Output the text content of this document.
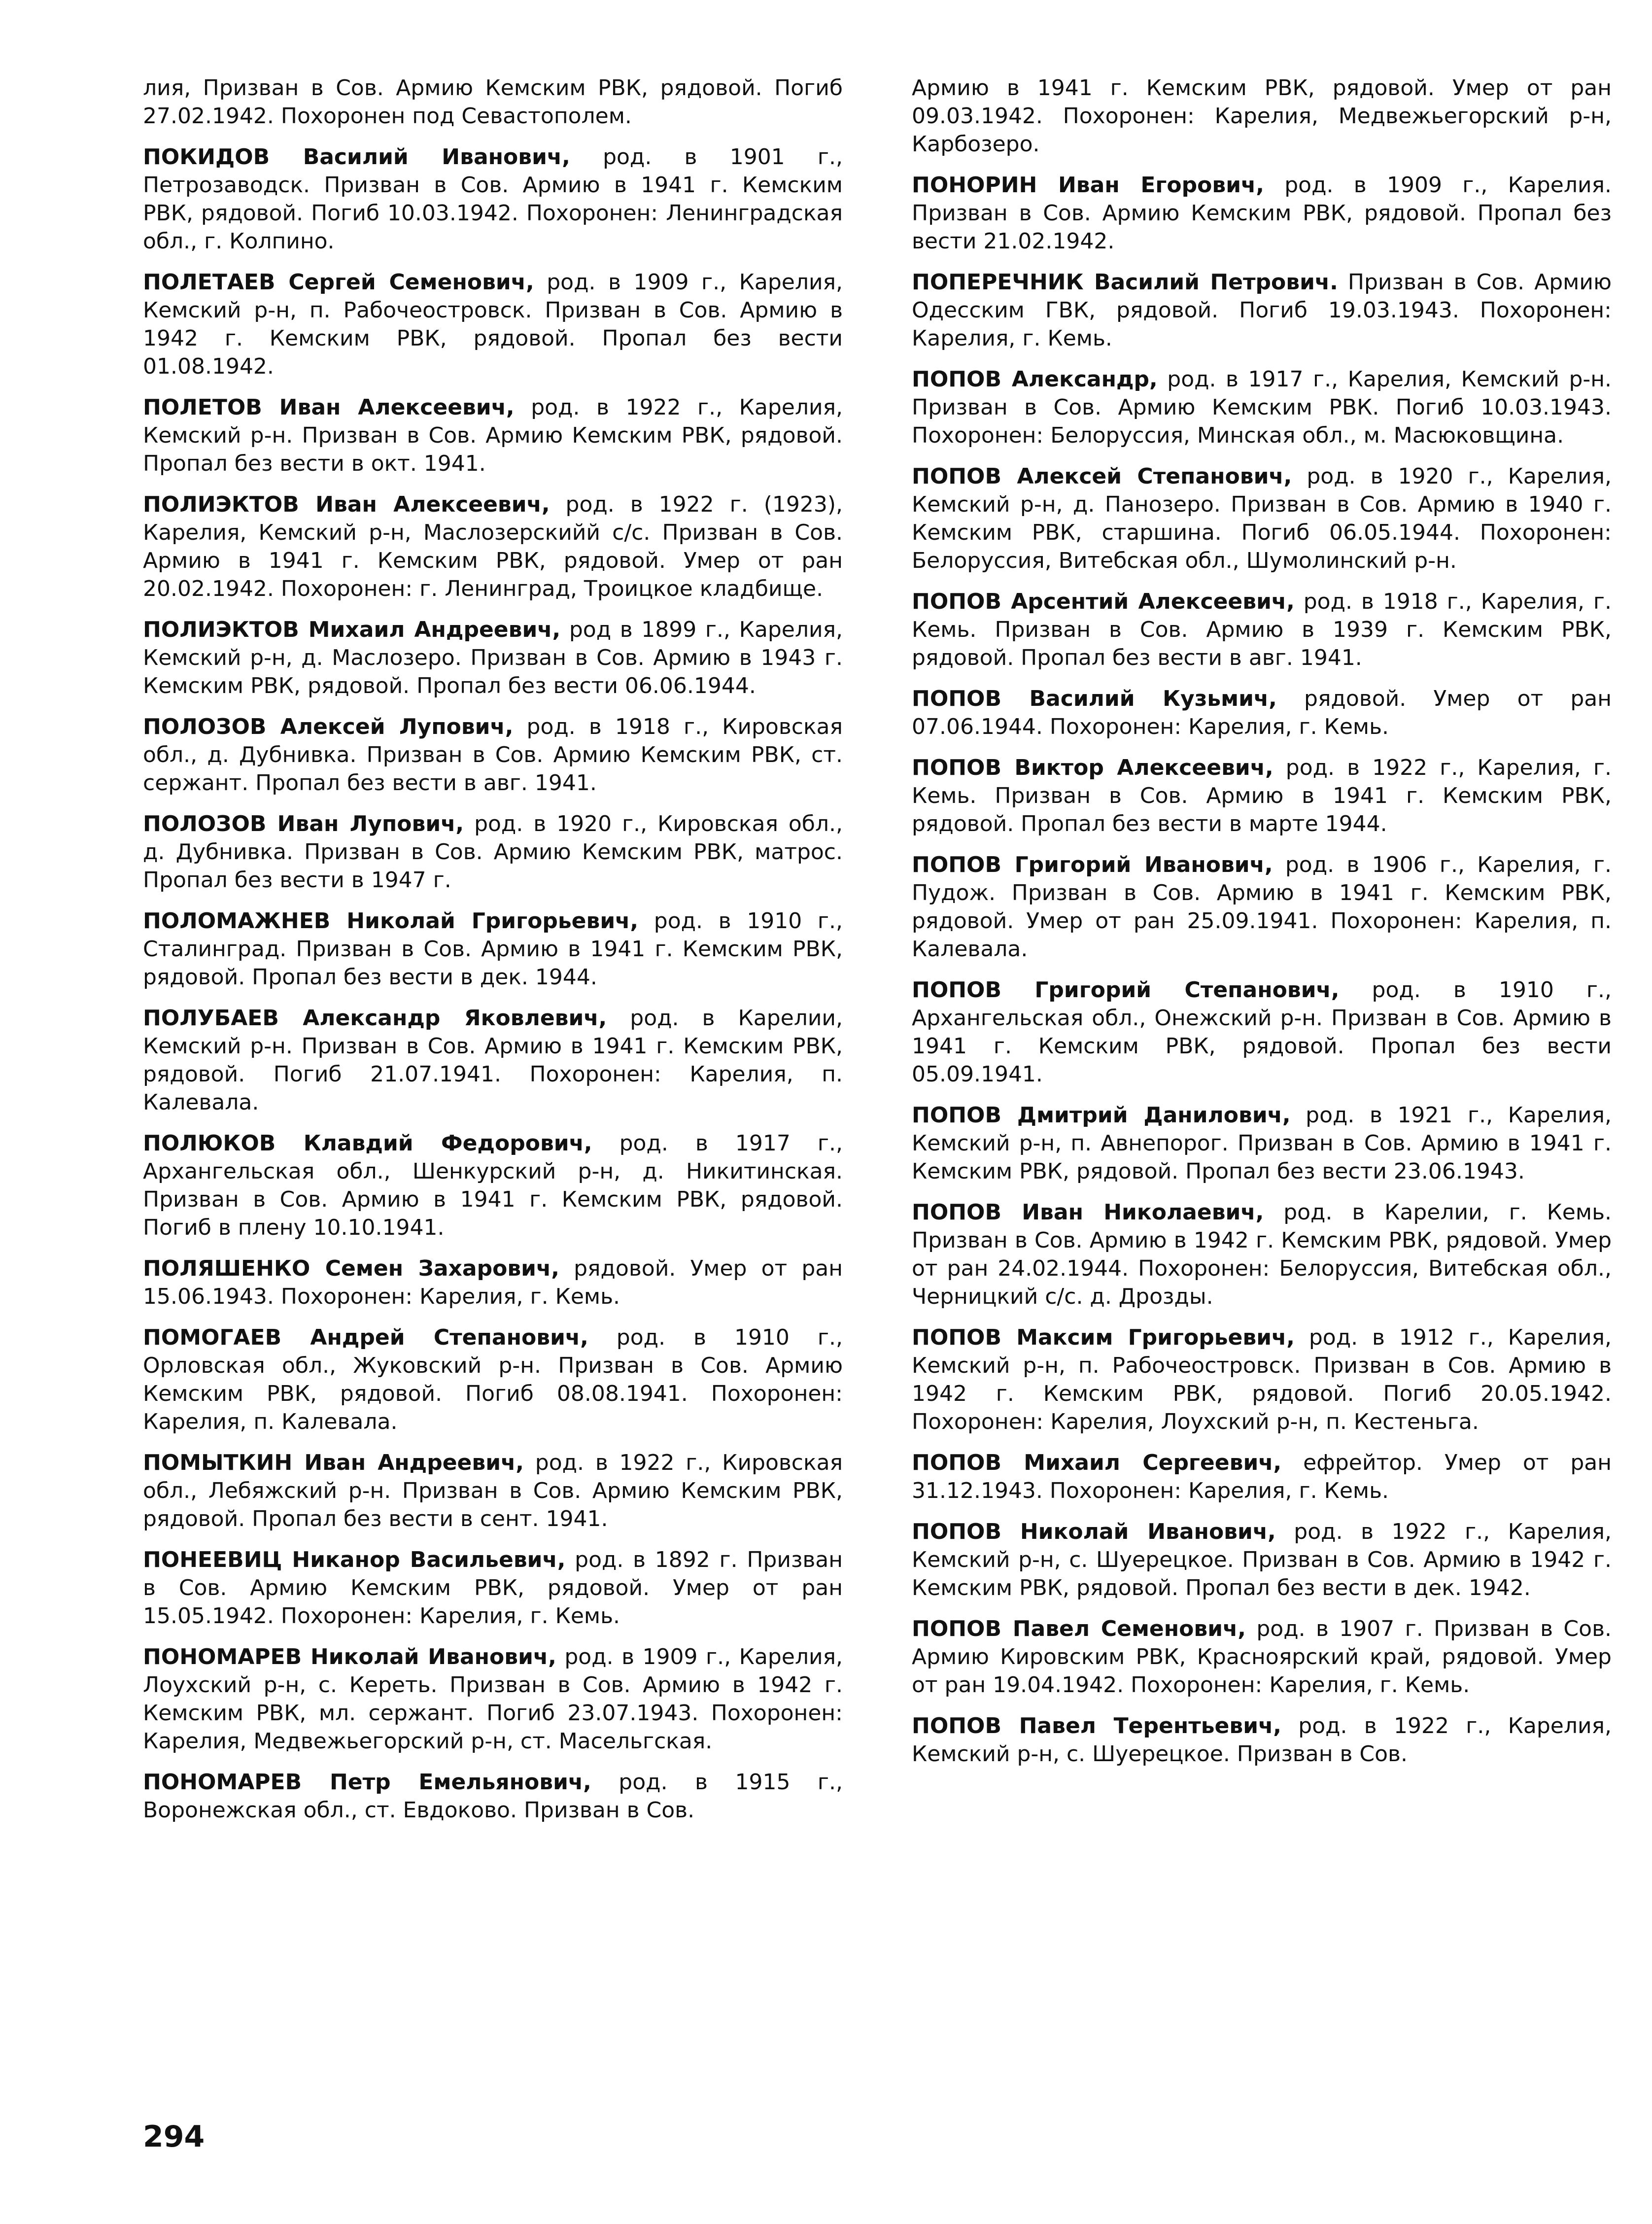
лия, Призван в Сов. Армию Кемским РВК, рядовой. Погиб 27.02.1942. Похоронен под Севастополем.

ПОКИДОВ Василий Иванович, род. в 1901 г., Петрозаводск. Призван в Сов. Армию в 1941 г. Кемским РВК, рядовой. Погиб 10.03.1942. Похоронен: Ленинградская обл., г. Колпино.

ПОЛЕТАЕВ Сергей Семенович, род. в 1909 г., Карелия, Кемский р-н, п. Рабочеостровск. Призван в Сов. Армию в 1942 г. Кемским РВК, рядовой. Пропал без вести 01.08.1942.

ПОЛЕТОВ Иван Алексеевич, род. в 1922 г., Карелия, Кемский р-н. Призван в Сов. Армию Кемским РВК, рядовой. Пропал без вести в окт. 1941.

ПОЛИЭКТОВ Иван Алексеевич, род. в 1922 г. (1923), Карелия, Кемский р-н, Маслозерскийй с/с. Призван в Сов. Армию в 1941 г. Кемским РВК, рядовой. Умер от ран 20.02.1942. Похоронен: г. Ленинград, Троицкое кладбище.

ПОЛИЭКТОВ Михаил Андреевич, род в 1899 г., Карелия, Кемский р-н, д. Маслозеро. Призван в Сов. Армию в 1943 г. Кемским РВК, рядовой. Пропал без вести 06.06.1944.

ПОЛОЗОВ Алексей Лупович, род. в 1918 г., Кировская обл., д. Дубнивка. Призван в Сов. Армию Кемским РВК, ст. сержант. Пропал без вести в авг. 1941.

ПОЛОЗОВ Иван Лупович, род. в 1920 г., Кировская обл., д. Дубнивка. Призван в Сов. Армию Кемским РВК, матрос. Пропал без вести в 1947 г.

ПОЛОМАЖНЕВ Николай Григорьевич, род. в 1910 г., Сталинград. Призван в Сов. Армию в 1941 г. Кемским РВК, рядовой. Пропал без вести в дек. 1944.

ПОЛУБАЕВ Александр Яковлевич, род. в Карелии, Кемский р-н. Призван в Сов. Армию в 1941 г. Кемским РВК, рядовой. Погиб 21.07.1941. Похоронен: Карелия, п. Калевала.

ПОЛЮКОВ Клавдий Федорович, род. в 1917 г., Архангельская обл., Шенкурский р-н, д. Никитинская. Призван в Сов. Армию в 1941 г. Кемским РВК, рядовой. Погиб в плену 10.10.1941.

ПОЛЯШЕНКО Семен Захарович, рядовой. Умер от ран 15.06.1943. Похоронен: Карелия, г. Кемь.

ПОМОГАЕВ Андрей Степанович, род. в 1910 г., Орловская обл., Жуковский р-н. Призван в Сов. Армию Кемским РВК, рядовой. Погиб 08.08.1941. Похоронен: Карелия, п. Калевала.

ПОМЫТКИН Иван Андреевич, род. в 1922 г., Кировская обл., Лебяжский р-н. Призван в Сов. Армию Кемским РВК, рядовой. Пропал без вести в сент. 1941.

ПОНЕЕВИЦ Никанор Васильевич, род. в 1892 г. Призван в Сов. Армию Кемским РВК, рядовой. Умер от ран 15.05.1942. Похоронен: Карелия, г. Кемь.

ПОНОМАРЕВ Николай Иванович, род. в 1909 г., Карелия, Лоухский р-н, с. Кереть. Призван в Сов. Армию в 1942 г. Кемским РВК, мл. сержант. Погиб 23.07.1943. Похоронен: Карелия, Медвежьегорский р-н, ст. Масельгская.

ПОНОМАРЕВ Петр Емельянович, род. в 1915 г., Воронежская обл., ст. Евдоково. Призван в Сов.

Армию в 1941 г. Кемским РВК, рядовой. Умер от ран 09.03.1942. Похоронен: Карелия, Медвежьегорский р-н, Карбозеро.

ПОНОРИН Иван Егорович, род. в 1909 г., Карелия. Призван в Сов. Армию Кемским РВК, рядовой. Пропал без вести 21.02.1942.

ПОПЕРЕЧНИК Василий Петрович. Призван в Сов. Армию Одесским ГВК, рядовой. Погиб 19.03.1943. Похоронен: Карелия, г. Кемь.

ПОПОВ Александр, род. в 1917 г., Карелия, Кемский р-н. Призван в Сов. Армию Кемским РВК. Погиб 10.03.1943. Похоронен: Белоруссия, Минская обл., м. Масюковщина.

ПОПОВ Алексей Степанович, род. в 1920 г., Карелия, Кемский р-н, д. Панозеро. Призван в Сов. Армию в 1940 г. Кемским РВК, старшина. Погиб 06.05.1944. Похоронен: Белоруссия, Витебская обл., Шумолинский р-н.

ПОПОВ Арсентий Алексеевич, род. в 1918 г., Карелия, г. Кемь. Призван в Сов. Армию в 1939 г. Кемским РВК, рядовой. Пропал без вести в авг. 1941.

ПОПОВ Василий Кузьмич, рядовой. Умер от ран 07.06.1944. Похоронен: Карелия, г. Кемь.

ПОПОВ Виктор Алексеевич, род. в 1922 г., Карелия, г. Кемь. Призван в Сов. Армию в 1941 г. Кемским РВК, рядовой. Пропал без вести в марте 1944.

ПОПОВ Григорий Иванович, род. в 1906 г., Карелия, г. Пудож. Призван в Сов. Армию в 1941 г. Кемским РВК, рядовой. Умер от ран 25.09.1941. Похоронен: Карелия, п. Калевала.

ПОПОВ Григорий Степанович, род. в 1910 г., Архангельская обл., Онежский р-н. Призван в Сов. Армию в 1941 г. Кемским РВК, рядовой. Пропал без вести 05.09.1941.

ПОПОВ Дмитрий Данилович, род. в 1921 г., Карелия, Кемский р-н, п. Авнепорог. Призван в Сов. Армию в 1941 г. Кемским РВК, рядовой. Пропал без вести 23.06.1943.

ПОПОВ Иван Николаевич, род. в Карелии, г. Кемь. Призван в Сов. Армию в 1942 г. Кемским РВК, рядовой. Умер от ран 24.02.1944. Похоронен: Белоруссия, Витебская обл., Черницкий с/с. д. Дрозды.

ПОПОВ Максим Григорьевич, род. в 1912 г., Карелия, Кемский р-н, п. Рабочеостровск. Призван в Сов. Армию в 1942 г. Кемским РВК, рядовой. Погиб 20.05.1942. Похоронен: Карелия, Лоухский р-н, п. Кестеньга.

ПОПОВ Михаил Сергеевич, ефрейтор. Умер от ран 31.12.1943. Похоронен: Карелия, г. Кемь.

ПОПОВ Николай Иванович, род. в 1922 г., Карелия, Кемский р-н, с. Шуерецкое. Призван в Сов. Армию в 1942 г. Кемским РВК, рядовой. Пропал без вести в дек. 1942.

ПОПОВ Павел Семенович, род. в 1907 г. Призван в Сов. Армию Кировским РВК, Красноярский край, рядовой. Умер от ран 19.04.1942. Похоронен: Карелия, г. Кемь.

ПОПОВ Павел Терентьевич, род. в 1922 г., Карелия, Кемский р-н, с. Шуерецкое. Призван в Сов.

294
